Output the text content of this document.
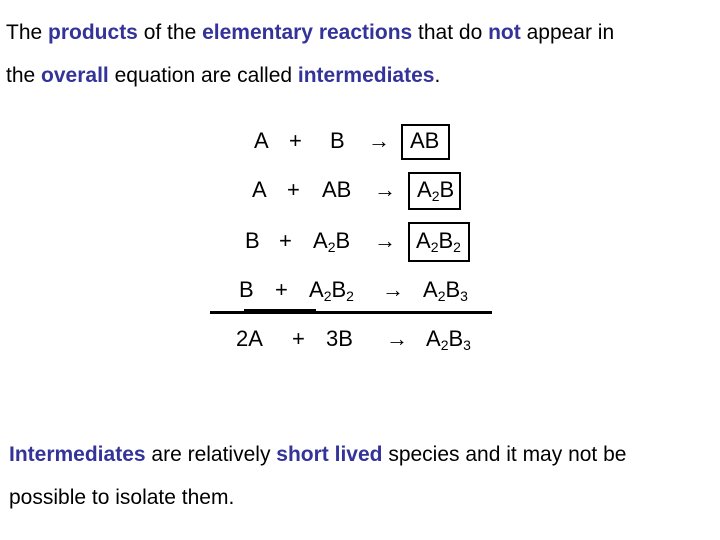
The products of the elementary reactions that do not appear in
the overall equation are called intermediates.
A + B → AB
A + AB → $A_2B$
$B + A_2B \to A_2B_2$
$B + A_2B_2 \to A_2B_3$
$2A + 3B \to A_2B_3$
Intermediates are relatively short lived species and it may not be
possible to isolate them.
